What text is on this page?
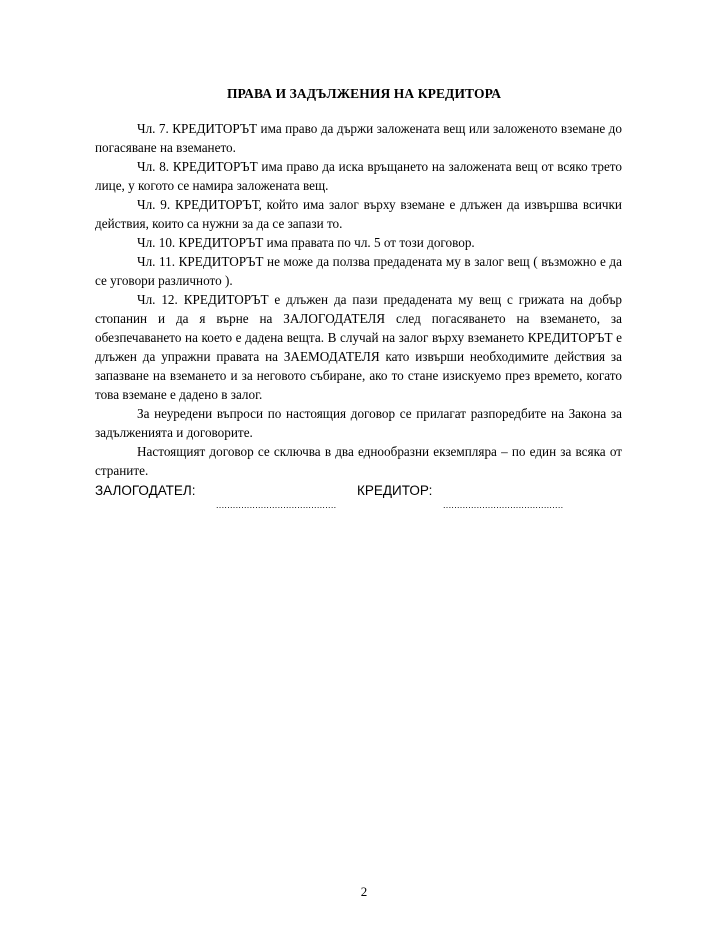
ПРАВА И ЗАДЪЛЖЕНИЯ НА КРЕДИТОРА

Чл. 7. КРЕДИТОРЪТ има право да държи заложената вещ или заложеното вземане до погасяване на вземането.

Чл. 8. КРЕДИТОРЪТ има право да иска връщането на заложената вещ от всяко трето лице, у когото се намира заложената вещ.

Чл. 9. КРЕДИТОРЪТ, който има залог върху вземане е длъжен да извършва всички действия, които са нужни за да се запази то.

Чл. 10. КРЕДИТОРЪТ има правата по чл. 5 от този договор.

Чл. 11. КРЕДИТОРЪТ не може да ползва предадената му в залог вещ ( възможно е да се уговори различното ).

Чл. 12. КРЕДИТОРЪТ е длъжен да пази предадената му вещ с грижата на добър стопанин и да я върне на ЗАЛОГОДАТЕЛЯ след погасяването на вземането, за обезпечаването на което е дадена вещта. В случай на залог върху вземането КРЕДИТОРЪТ е длъжен да упражни правата на ЗАЕМОДАТЕЛЯ като извърши необходимите действия за запазване на вземането и за неговото събиране, ако то стане изискуемо през времето, когато това вземане е дадено в залог.

За неуредени въпроси по настоящия договор се прилагат разпоредбите на Закона за задълженията и договорите.

Настоящият договор се сключва в два еднообразни екземпляра – по един за всяка от страните.

ЗАЛОГОДАТЕЛ:	КРЕДИТОР:
...........................................	...........................................
2
